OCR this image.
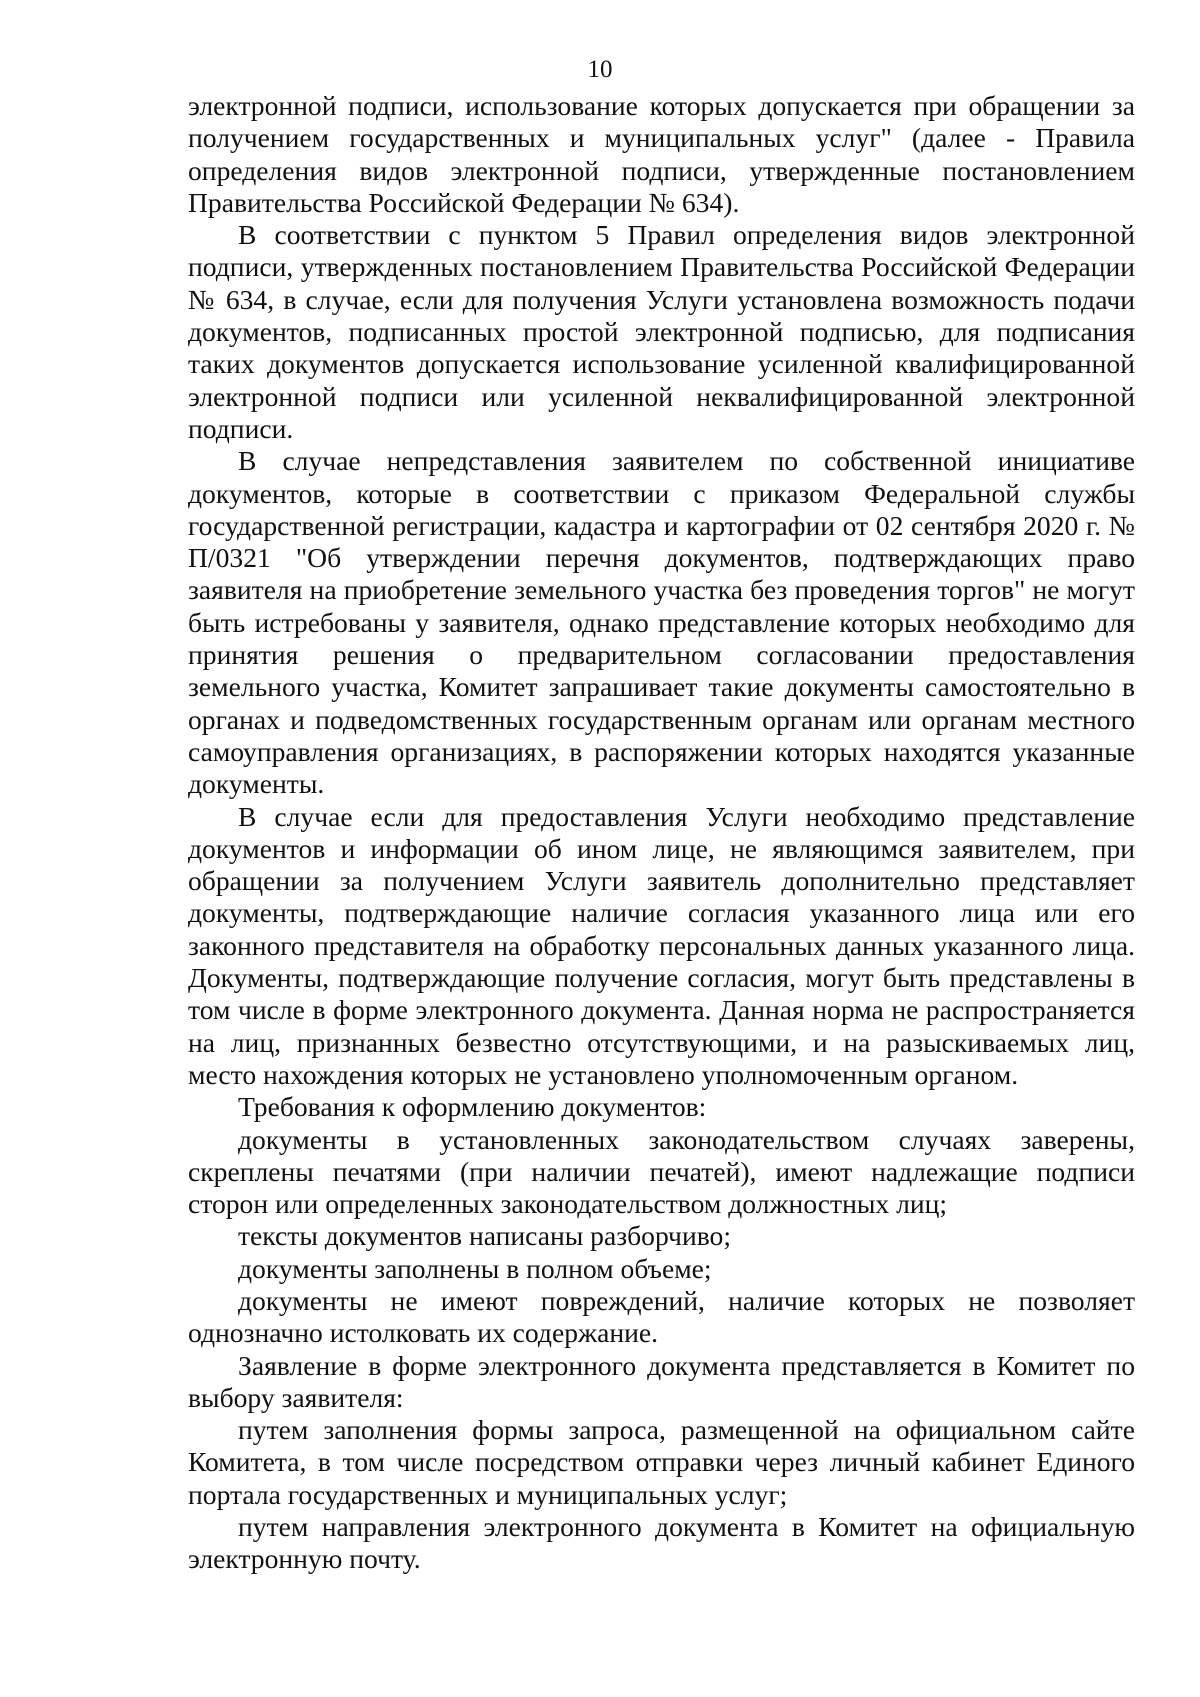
10

электронной подписи, использование которых допускается при обращении за получением государственных и муниципальных услуг" (далее - Правила определения видов электронной подписи, утвержденные постановлением Правительства Российской Федерации № 634).

В соответствии с пунктом 5 Правил определения видов электронной подписи, утвержденных постановлением Правительства Российской Федерации № 634, в случае, если для получения Услуги установлена возможность подачи документов, подписанных простой электронной подписью, для подписания таких документов допускается использование усиленной квалифицированной электронной подписи или усиленной неквалифицированной электронной подписи.

В случае непредставления заявителем по собственной инициативе документов, которые в соответствии с приказом Федеральной службы государственной регистрации, кадастра и картографии от 02 сентября 2020 г. № П/0321 "Об утверждении перечня документов, подтверждающих право заявителя на приобретение земельного участка без проведения торгов" не могут быть истребованы у заявителя, однако представление которых необходимо для принятия решения о предварительном согласовании предоставления земельного участка, Комитет запрашивает такие документы самостоятельно в органах и подведомственных государственным органам или органам местного самоуправления организациях, в распоряжении которых находятся указанные документы.

В случае если для предоставления Услуги необходимо представление документов и информации об ином лице, не являющимся заявителем, при обращении за получением Услуги заявитель дополнительно представляет документы, подтверждающие наличие согласия указанного лица или его законного представителя на обработку персональных данных указанного лица. Документы, подтверждающие получение согласия, могут быть представлены в том числе в форме электронного документа. Данная норма не распространяется на лиц, признанных безвестно отсутствующими, и на разыскиваемых лиц, место нахождения которых не установлено уполномоченным органом.

Требования к оформлению документов:

документы в установленных законодательством случаях заверены, скреплены печатями (при наличии печатей), имеют надлежащие подписи сторон или определенных законодательством должностных лиц;

тексты документов написаны разборчиво;

документы заполнены в полном объеме;

документы не имеют повреждений, наличие которых не позволяет однозначно истолковать их содержание.

Заявление в форме электронного документа представляется в Комитет по выбору заявителя:

путем заполнения формы запроса, размещенной на официальном сайте Комитета, в том числе посредством отправки через личный кабинет Единого портала государственных и муниципальных услуг;

путем направления электронного документа в Комитет на официальную электронную почту.
